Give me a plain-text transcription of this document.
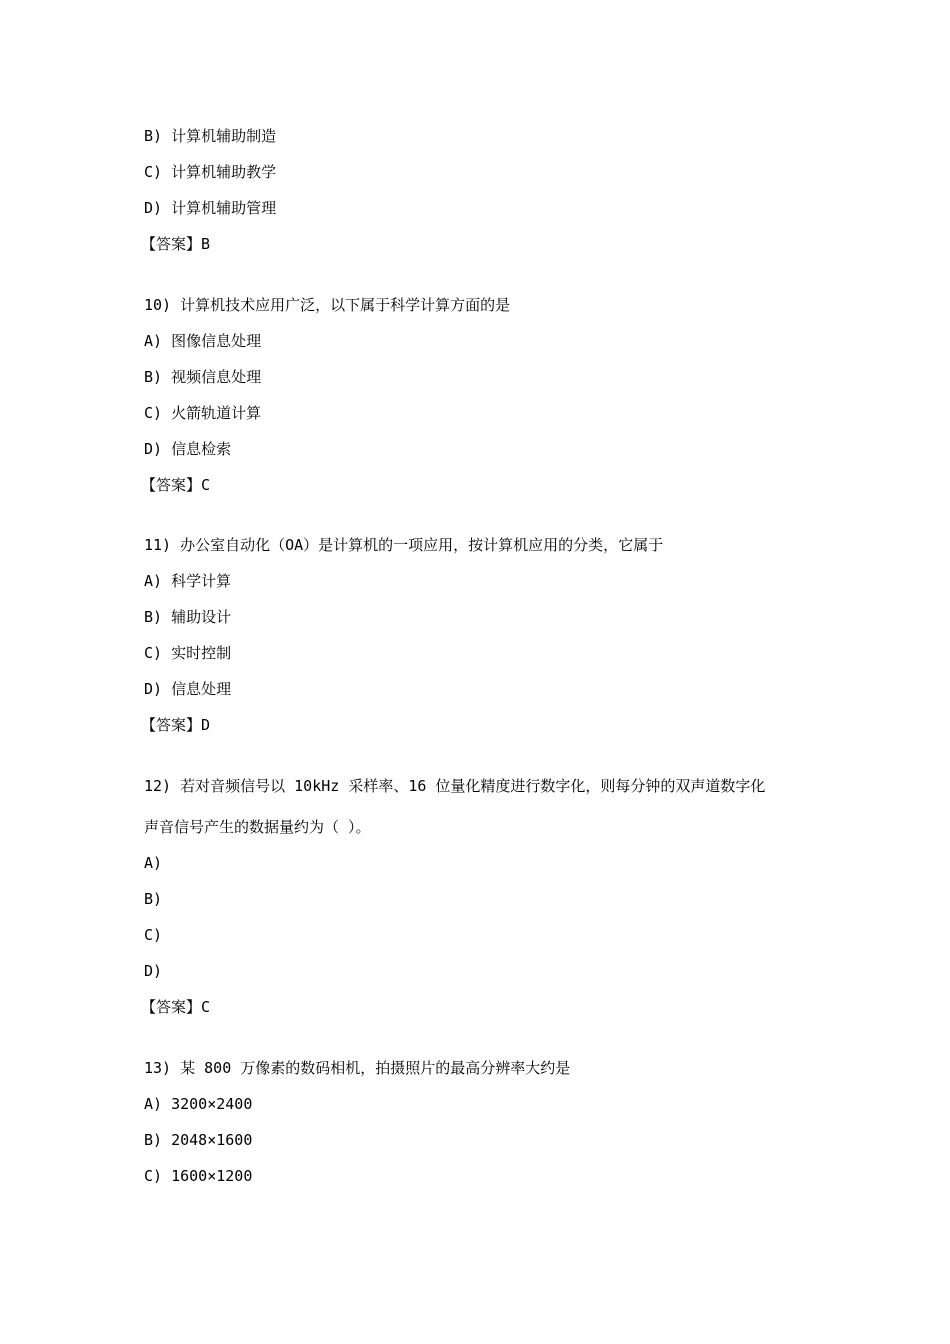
B) 计算机辅助制造
C) 计算机辅助教学
D) 计算机辅助管理
【答案】B
10) 计算机技术应用广泛，以下属于科学计算方面的是
A) 图像信息处理
B) 视频信息处理
C) 火箭轨道计算
D) 信息检索
【答案】C
11) 办公室自动化（OA）是计算机的一项应用，按计算机应用的分类，它属于
A) 科学计算
B) 辅助设计
C) 实时控制
D) 信息处理
【答案】D
12) 若对音频信号以 10kHz 采样率、16 位量化精度进行数字化，则每分钟的双声道数字化
声音信号产生的数据量约为（ ）。
A)
B)
C)
D)
【答案】C
13) 某 800 万像素的数码相机，拍摄照片的最高分辨率大约是
A) 3200×2400
B) 2048×1600
C) 1600×1200
